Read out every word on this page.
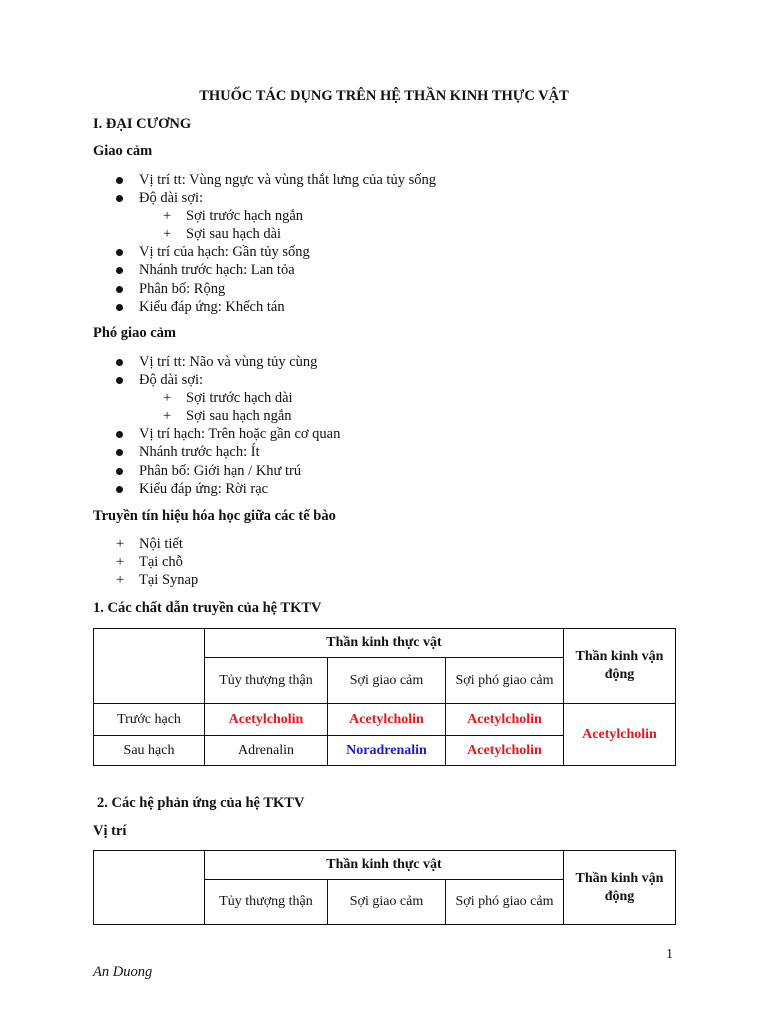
THUỐC TÁC DỤNG TRÊN HỆ THẦN KINH THỰC VẬT
I. ĐẠI CƯƠNG
Giao cảm
Vị trí tt: Vùng ngực và vùng thắt lưng của tủy sống
Độ dài sợi:
+ Sợi trước hạch ngắn
+ Sợi sau hạch dài
Vị trí của hạch: Gần tủy sống
Nhánh trước hạch: Lan tỏa
Phân bố: Rộng
Kiểu đáp ứng: Khếch tán
Phó giao cảm
Vị trí tt: Não và vùng tủy cùng
Độ dài sợi:
+ Sợi trước hạch dài
+ Sợi sau hạch ngắn
Vị trí hạch: Trên hoặc gần cơ quan
Nhánh trước hạch: Ít
Phân bố: Giới hạn / Khư trú
Kiểu đáp ứng: Rời rạc
Truyền tín hiệu hóa học giữa các tế bào
+ Nội tiết
+ Tại chỗ
+ Tại Synap
1. Các chất dẫn truyền của hệ TKTV
	Thần kinh thực vật			Thần kinh vận động
	Tủy thượng thận	Sợi giao cảm	Sợi phó giao cảm	
Trước hạch	Acetylcholin	Acetylcholin	Acetylcholin	Acetylcholin
Sau hạch	Adrenalin	Noradrenalin	Acetylcholin	
2. Các hệ phản ứng của hệ TKTV
Vị trí
	Thần kinh thực vật			Thần kinh vận động
	Tủy thượng thận	Sợi giao cảm	Sợi phó giao cảm	
1
An Duong
